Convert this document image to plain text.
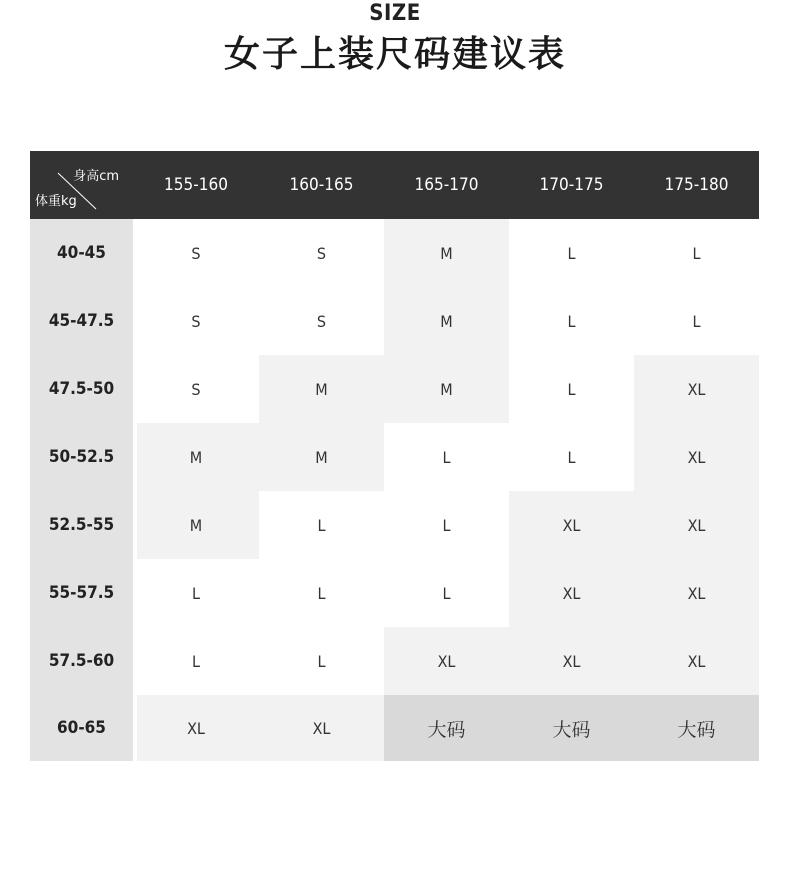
SIZE
女子上装尺码建议表
身高cm
体重kg
155-160	160-165	165-170	170-175	175-180
40-45	S	S	M	L	L
45-47.5	S	S	M	L	L
47.5-50	S	M	M	L	XL
50-52.5	M	M	L	L	XL
52.5-55	M	L	L	XL	XL
55-57.5	L	L	L	XL	XL
57.5-60	L	L	XL	XL	XL
60-65	XL	XL	大码	大码	大码
